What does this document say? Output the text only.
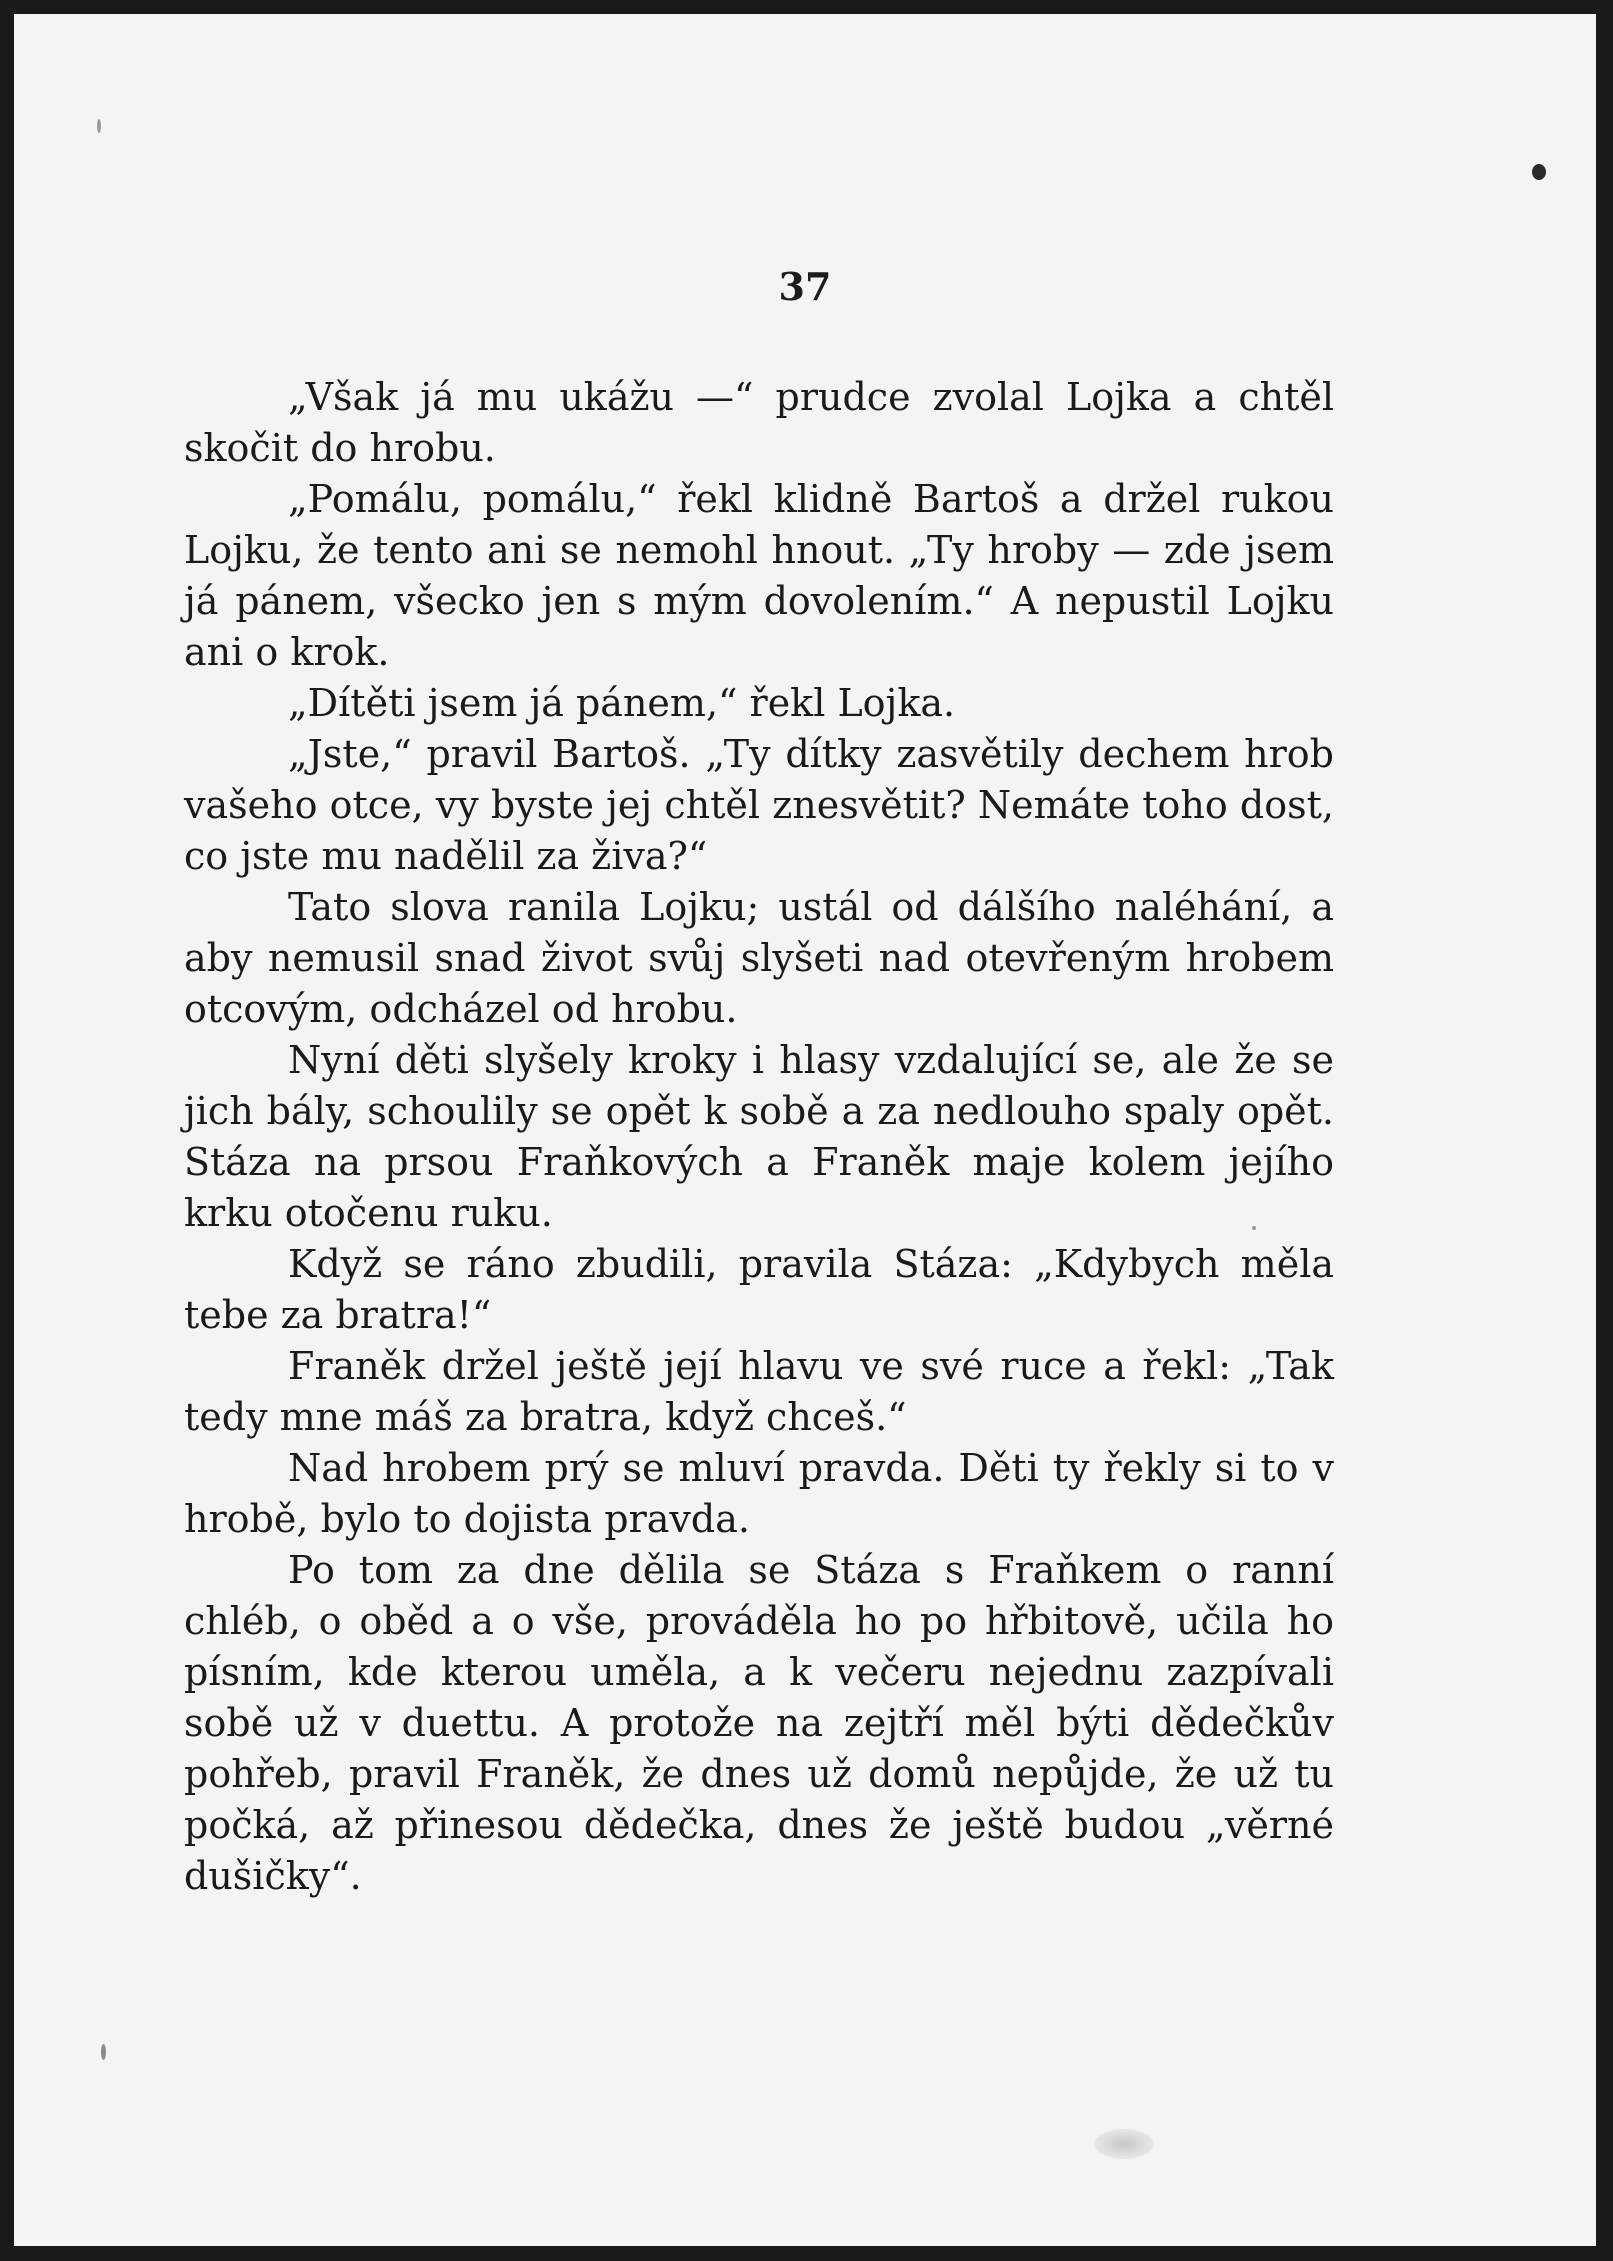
37

„Však já mu ukážu —“ prudce zvolal Lojka a chtěl skočit do hrobu.

„Pomálu, pomálu,“ řekl klidně Bartoš a držel rukou Lojku, že tento ani se nemohl hnout. „Ty hroby — zde jsem já pánem, všecko jen s mým dovolením.“ A nepustil Lojku ani o krok.

„Dítěti jsem já pánem,“ řekl Lojka.

„Jste,“ pravil Bartoš. „Ty dítky zasvětily dechem hrob vašeho otce, vy byste jej chtěl znesvětit? Nemáte toho dost, co jste mu nadělil za živa?“

Tato slova ranila Lojku; ustál od dálšího naléhání, a aby nemusil snad život svůj slyšeti nad otevřeným hrobem otcovým, odcházel od hrobu.

Nyní děti slyšely kroky i hlasy vzdalující se, ale že se jich bály, schoulily se opět k sobě a za nedlouho spaly opět. Stáza na prsou Fraňkových a Franěk maje kolem jejího krku otočenu ruku.

Když se ráno zbudili, pravila Stáza: „Kdybych měla tebe za bratra!“

Franěk držel ještě její hlavu ve své ruce a řekl: „Tak tedy mne máš za bratra, když chceš.“

Nad hrobem prý se mluví pravda. Děti ty řekly si to v hrobě, bylo to dojista pravda.

Po tom za dne dělila se Stáza s Fraňkem o ranní chléb, o oběd a o vše, prováděla ho po hřbitově, učila ho písním, kde kterou uměla, a k večeru nejednu zazpívali sobě už v duettu. A protože na zejtří měl býti dědečkův pohřeb, pravil Franěk, že dnes už domů nepůjde, že už tu počká, až přinesou dědečka, dnes že ještě budou „věrné dušičky“.
